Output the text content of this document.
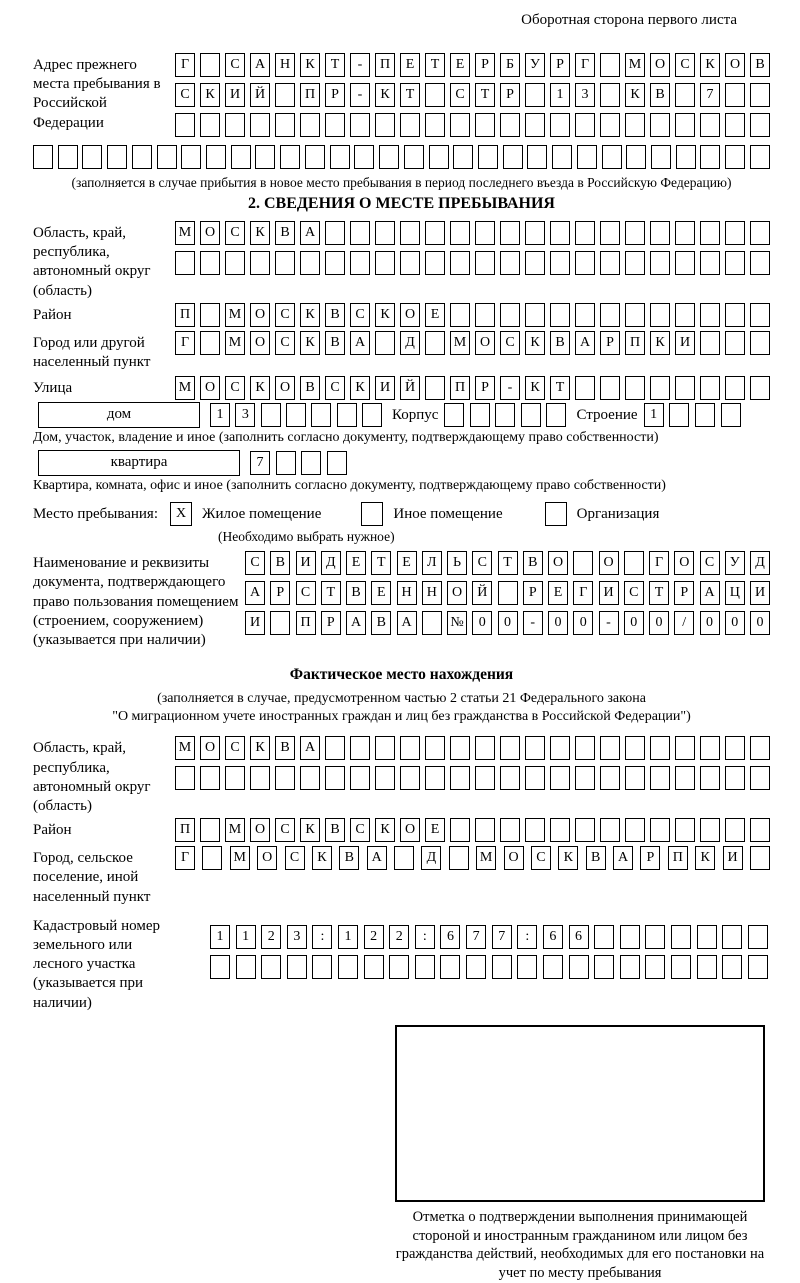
Оборотная сторона первого листа
Адрес прежнего места пребывания в Российской Федерации
Г	С	А	Н	К	Т	-	П	Е	Т	Е	Р	Б	У	Р	Г	М О	С	К	О	В
С	К	И	Й	П	Р	-	К	Т	С	Т	Р	1	3	К	В	7
(заполняется в случае прибытия в новое место пребывания в период последнего въезда в Российскую Федерацию)
2. СВЕДЕНИЯ О МЕСТЕ ПРЕБЫВАНИЯ
Область, край, республика, автономный округ (область)
М О	С	К	В	А
Район	П	М О	С	К	В	С	К	О	Е
Город или другой населенный пункт
Г	М О	С	К	В	А	Д	М О	С	К	В	А	Р	П	К	И
Улица	М О	С	К	О	В	С	К	И	Й	П	Р	-	К	Т
дом	1	3	Корпус	Строение 1
Дом, участок, владение и иное (заполнить согласно документу, подтверждающему право собственности)
квартира	7
Квартира, комната, офис и иное (заполнить согласно документу, подтверждающему право собственности)
Место пребывания:	X	Жилое помещение	Иное помещение	Организация
(Необходимо выбрать нужное)
Наименование и реквизиты документа, подтверждающего право пользования помещением (строением, сооружением) (указывается при наличии)
С	В	И	Д	Е	Т	Е	Л	Ь	С	Т	В	О	О	Г	О	С	У	Д
А	Р	С	Т	В	Е	Н	Н	О	Й	Р	Е	Г	И	С	Т	Р	А	Ц	И
И	П	Р	А	В	А	№	0	0	-	0	0	-	0	0	/	0	0	0
Фактическое место нахождения
(заполняется в случае, предусмотренном частью 2 статьи 21 Федерального закона
"О миграционном учете иностранных граждан и лиц без гражданства в Российской Федерации")
Область, край, республика, автономный округ (область)
М О	С	К	В	А
Район	П	М О	С	К	В	С	К	О	Е
Город, сельское поселение, иной населенный пункт
Г	М	О	С	К	В	А	Д	М	О	С	К	В	А	Р	П	К	И
Кадастровый номер земельного или лесного участка (указывается при наличии)
1	1	2	3	:	1	2	2	:	6	7	7	:	6	6
Отметка о подтверждении выполнения принимающей стороной и иностранным гражданином или лицом без гражданства действий, необходимых для его постановки на учет по месту пребывания
